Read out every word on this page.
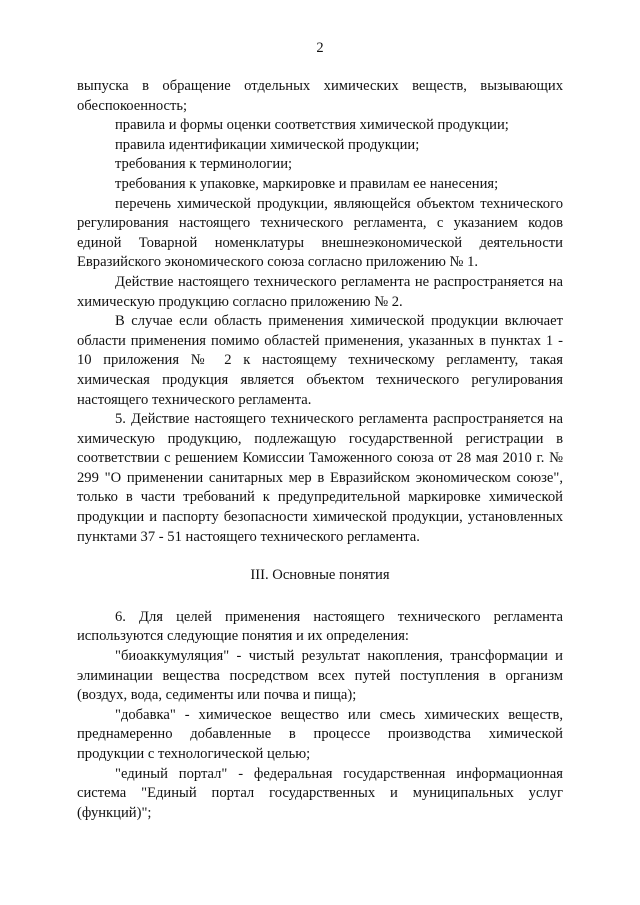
2

выпуска в обращение отдельных химических веществ, вызывающих обеспокоенность;

правила и формы оценки соответствия химической продукции;

правила идентификации химической продукции;

требования к терминологии;

требования к упаковке, маркировке и правилам ее нанесения;

перечень химической продукции, являющейся объектом технического регулирования настоящего технического регламента, с указанием кодов единой Товарной номенклатуры внешнеэкономической деятельности Евразийского экономического союза согласно приложению № 1.

Действие настоящего технического регламента не распространяется на химическую продукцию согласно приложению № 2.

В случае если область применения химической продукции включает области применения помимо областей применения, указанных в пунктах 1 - 10 приложения № 2 к настоящему техническому регламенту, такая химическая продукция является объектом технического регулирования настоящего технического регламента.

5. Действие настоящего технического регламента распространяется на химическую продукцию, подлежащую государственной регистрации в соответствии с решением Комиссии Таможенного союза от 28 мая 2010 г. № 299 "О применении санитарных мер в Евразийском экономическом союзе", только в части требований к предупредительной маркировке химической продукции и паспорту безопасности химической продукции, установленных пунктами 37 - 51 настоящего технического регламента.

III. Основные понятия

6. Для целей применения настоящего технического регламента используются следующие понятия и их определения:

"биоаккумуляция" - чистый результат накопления, трансформации и элиминации вещества посредством всех путей поступления в организм (воздух, вода, седименты или почва и пища);

"добавка" - химическое вещество или смесь химических веществ, преднамеренно добавленные в процессе производства химической продукции с технологической целью;

"единый портал" - федеральная государственная информационная система "Единый портал государственных и муниципальных услуг (функций)";
